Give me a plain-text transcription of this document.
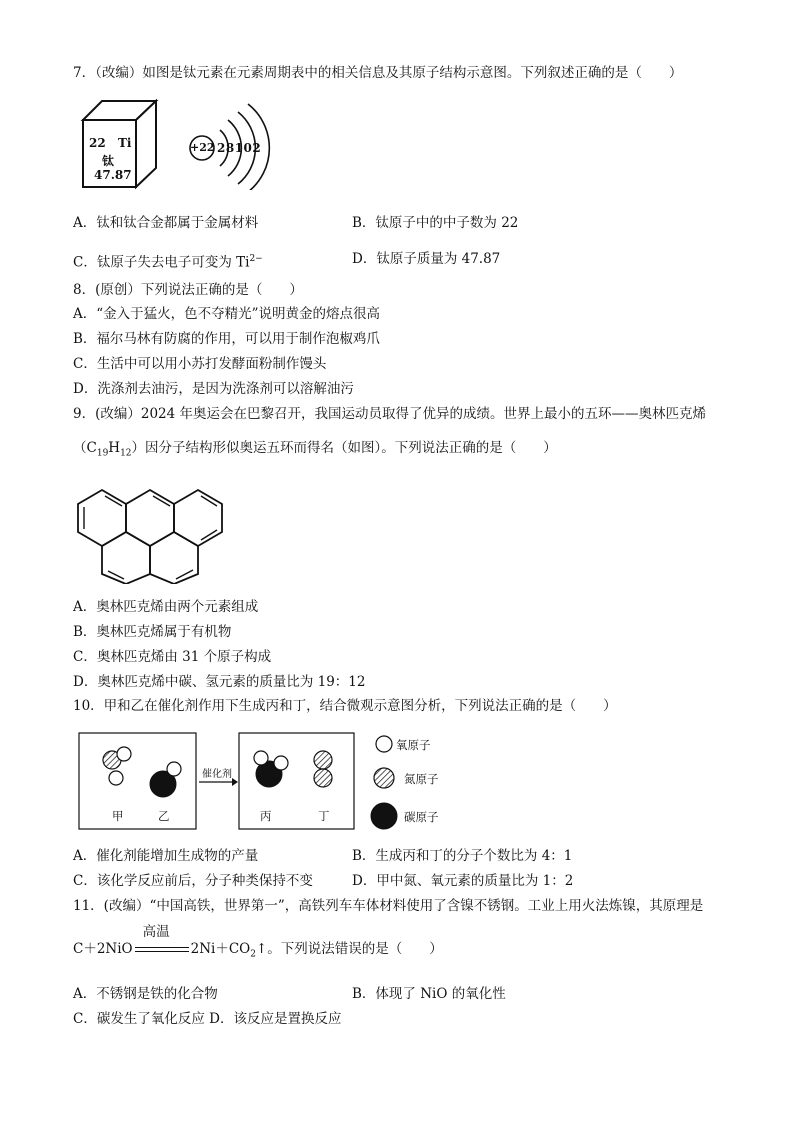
7．（改编）如图是钛元素在元素周期表中的相关信息及其原子结构示意图。下列叙述正确的是（　　）
22 Ti
钛
47.87
+22 28102
A．钛和钛合金都属于金属材料	B．钛原子中的中子数为 22
C．钛原子失去电子可变为 $Ti^{2-}$	D．钛原子质量为 47.87
8．(原创）下列说法正确的是（　　）
A．“金入于猛火，色不夺精光”说明黄金的熔点很高
B．福尔马林有防腐的作用，可以用于制作泡椒鸡爪
C．生活中可以用小苏打发酵面粉制作馒头
D．洗涤剂去油污，是因为洗涤剂可以溶解油污
9．(改编）2024 年奥运会在巴黎召开，我国运动员取得了优异的成绩。世界上最小的五环——奥林匹克烯
$(C_{19}H_{12})$因分子结构形似奥运五环而得名（如图）。下列说法正确的是（　　）
A．奥林匹克烯由两个元素组成
B．奥林匹克烯属于有机物
C．奥林匹克烯由 31 个原子构成
D．奥林匹克烯中碳、氢元素的质量比为 19：12
10．甲和乙在催化剂作用下生成丙和丁，结合微观示意图分析，下列说法正确的是（　　）
甲	乙
催化剂
丙	丁
氧原子
氮原子
碳原子
A．催化剂能增加生成物的产量	B．生成丙和丁的分子个数比为 4：1
C．该化学反应前后，分子种类保持不变	D．甲中氮、氧元素的质量比为 1：2
11．(改编）“中国高铁，世界第一”，高铁列车车体材料使用了含镍不锈钢。工业上用火法炼镍，其原理是
C＋2NiO
高温
$2Ni+CO_2↑$。下列说法错误的是（　　）
A．不锈钢是铁的化合物	B．体现了 NiO 的氧化性
C．碳发生了氧化反应 D．该反应是置换反应
